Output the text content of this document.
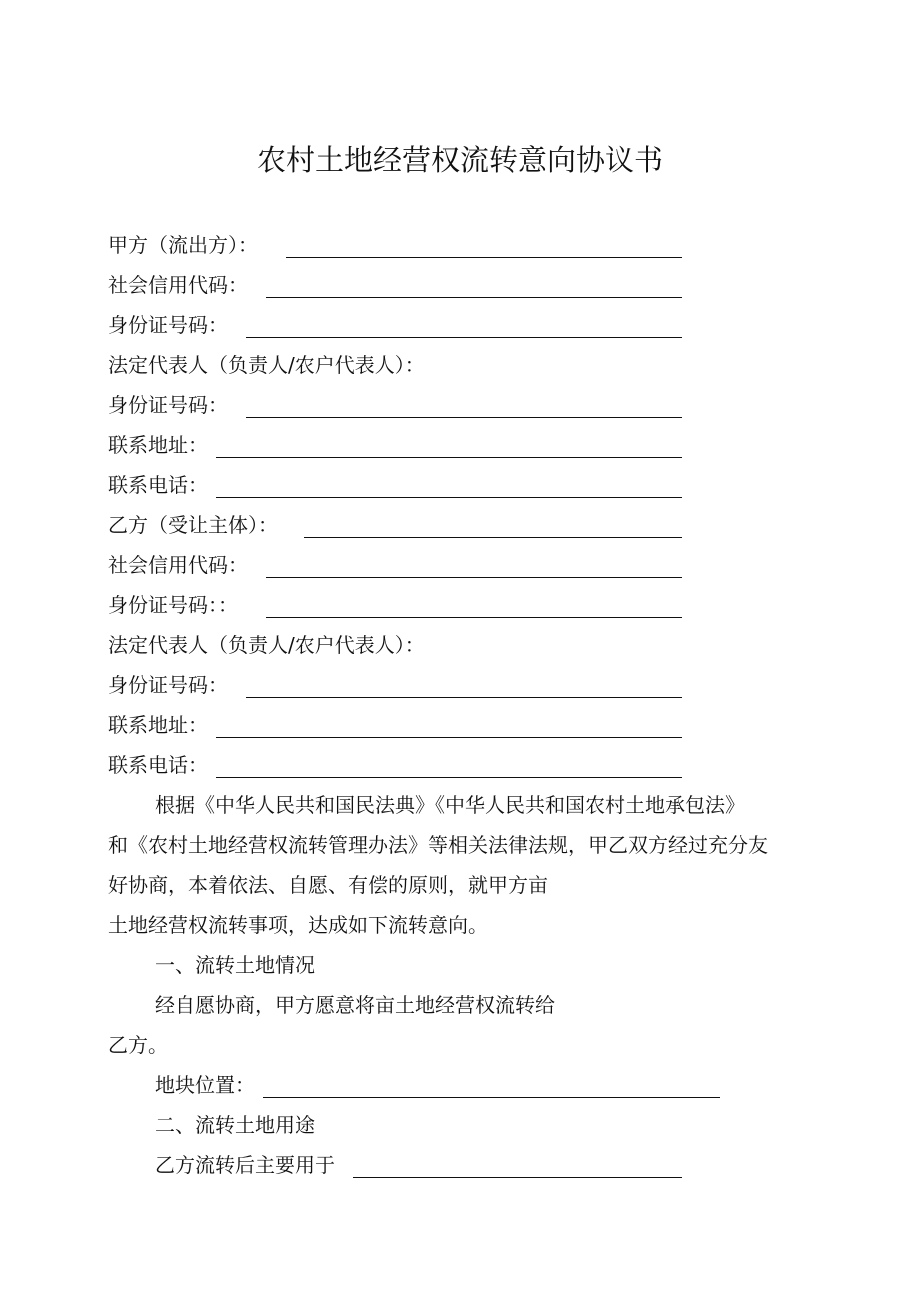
农村土地经营权流转意向协议书
甲方（流出方）：
社会信用代码：
身份证号码：
法定代表人（负责人/农户代表人）：
身份证号码：
联系地址：
联系电话：
乙方（受让主体）：
社会信用代码：
身份证号码：：
法定代表人（负责人/农户代表人）：
身份证号码：
联系地址：
联系电话：
根据《中华人民共和国民法典》《中华人民共和国农村土地承包法》
和《农村土地经营权流转管理办法》等相关法律法规，甲乙双方经过充分友
好协商，本着依法、自愿、有偿的原则，就甲方亩
土地经营权流转事项，达成如下流转意向。
一、流转土地情况
经自愿协商，甲方愿意将亩土地经营权流转给
乙方。
地块位置：
二、流转土地用途
乙方流转后主要用于
